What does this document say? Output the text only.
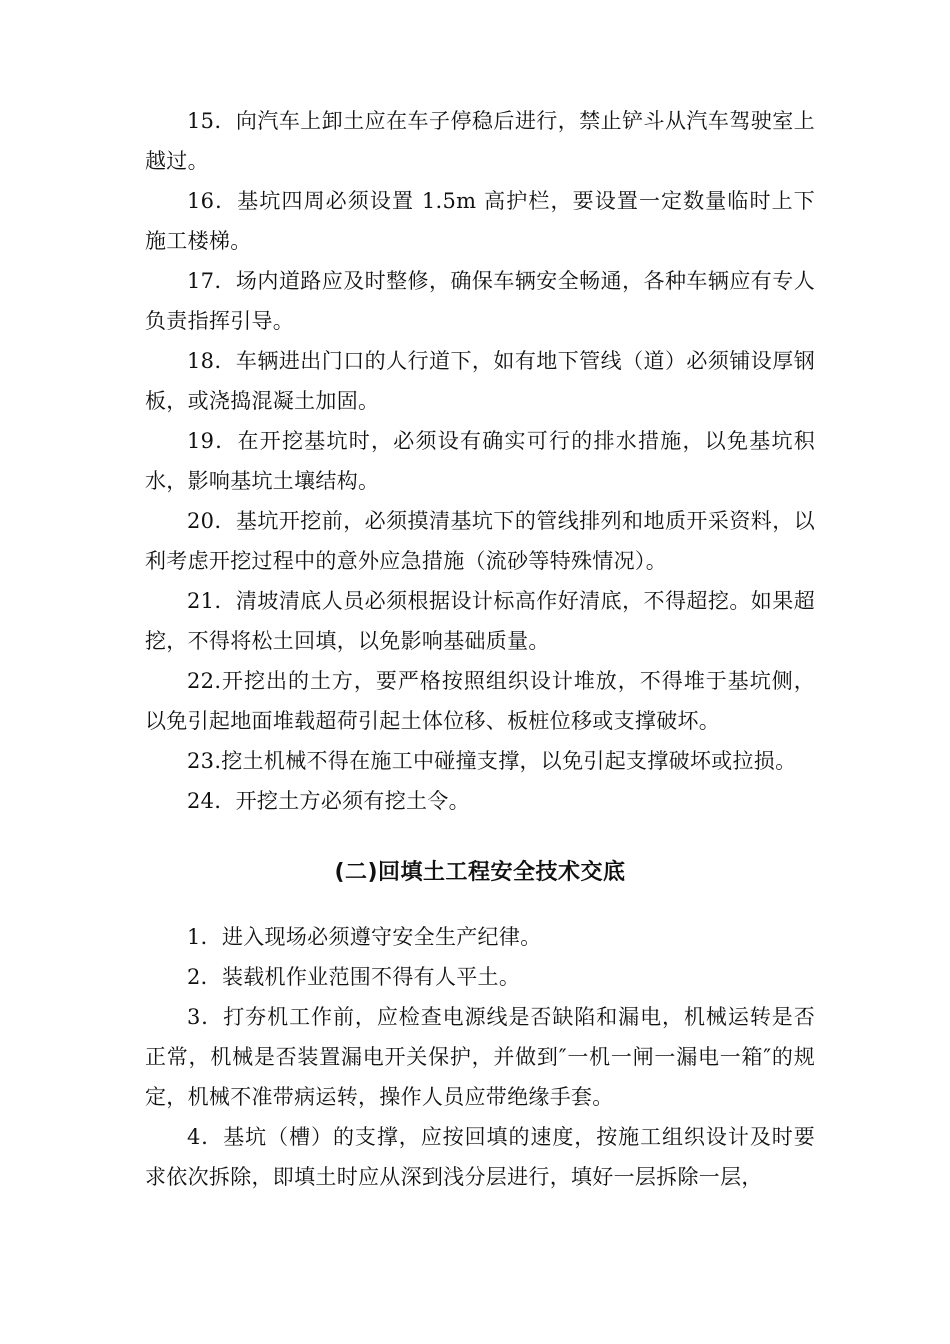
15．向汽车上卸土应在车子停稳后进行，禁止铲斗从汽车驾驶室上越过。

16．基坑四周必须设置 1.5m 高护栏，要设置一定数量临时上下施工楼梯。

17．场内道路应及时整修，确保车辆安全畅通，各种车辆应有专人负责指挥引导。

18．车辆进出门口的人行道下，如有地下管线（道）必须铺设厚钢板，或浇捣混凝土加固。

19．在开挖基坑时，必须设有确实可行的排水措施，以免基坑积水，影响基坑土壤结构。

20．基坑开挖前，必须摸清基坑下的管线排列和地质开采资料，以利考虑开挖过程中的意外应急措施（流砂等特殊情况）。

21．清坡清底人员必须根据设计标高作好清底，不得超挖。如果超挖，不得将松土回填，以免影响基础质量。

22.开挖出的土方，要严格按照组织设计堆放，不得堆于基坑侧，以免引起地面堆载超荷引起土体位移、板桩位移或支撑破坏。

23.挖土机械不得在施工中碰撞支撑，以免引起支撑破坏或拉损。

24．开挖土方必须有挖土令。

(二)回填土工程安全技术交底

1．进入现场必须遵守安全生产纪律。

2．装载机作业范围不得有人平土。

3．打夯机工作前，应检查电源线是否缺陷和漏电，机械运转是否正常，机械是否装置漏电开关保护，并做到″一机一闸一漏电一箱″的规定，机械不准带病运转，操作人员应带绝缘手套。

4．基坑（槽）的支撑，应按回填的速度，按施工组织设计及时要求依次拆除，即填土时应从深到浅分层进行，填好一层拆除一层，
